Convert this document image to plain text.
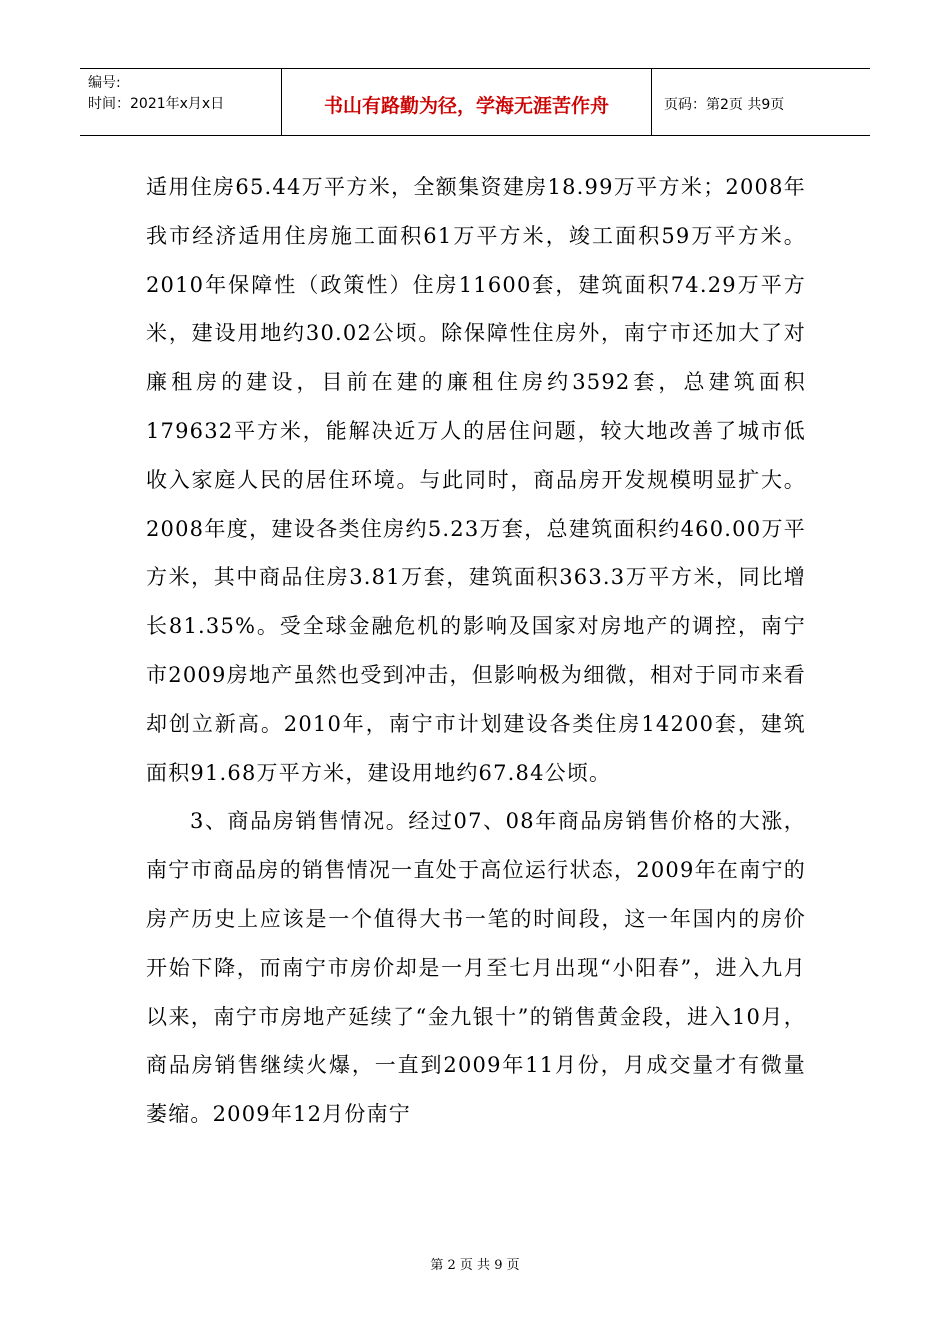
编号:
时间：2021年x月x日	书山有路勤为径，学海无涯苦作舟	页码：第2页 共9页

适用住房65.44万平方米，全额集资建房18.99万平方米；2008年我市经济适用住房施工面积61万平方米，竣工面积59万平方米。2010年保障性（政策性）住房11600套，建筑面积74.29万平方米，建设用地约30.02公顷。除保障性住房外，南宁市还加大了对廉租房的建设，目前在建的廉租住房约3592套，总建筑面积179632平方米，能解决近万人的居住问题，较大地改善了城市低收入家庭人民的居住环境。与此同时，商品房开发规模明显扩大。2008年度，建设各类住房约5.23万套，总建筑面积约460.00万平方米，其中商品住房3.81万套，建筑面积363.3万平方米，同比增长81.35%。受全球金融危机的影响及国家对房地产的调控，南宁市2009房地产虽然也受到冲击，但影响极为细微，相对于同市来看却创立新高。2010年，南宁市计划建设各类住房14200套，建筑面积91.68万平方米，建设用地约67.84公顷。

3、商品房销售情况。经过07、08年商品房销售价格的大涨，南宁市商品房的销售情况一直处于高位运行状态，2009年在南宁的房产历史上应该是一个值得大书一笔的时间段，这一年国内的房价开始下降，而南宁市房价却是一月至七月出现“小阳春”，进入九月以来，南宁市房地产延续了“金九银十”的销售黄金段，进入10月，商品房销售继续火爆，一直到2009年11月份，月成交量才有微量萎缩。2009年12月份南宁

第 2 页 共 9 页
